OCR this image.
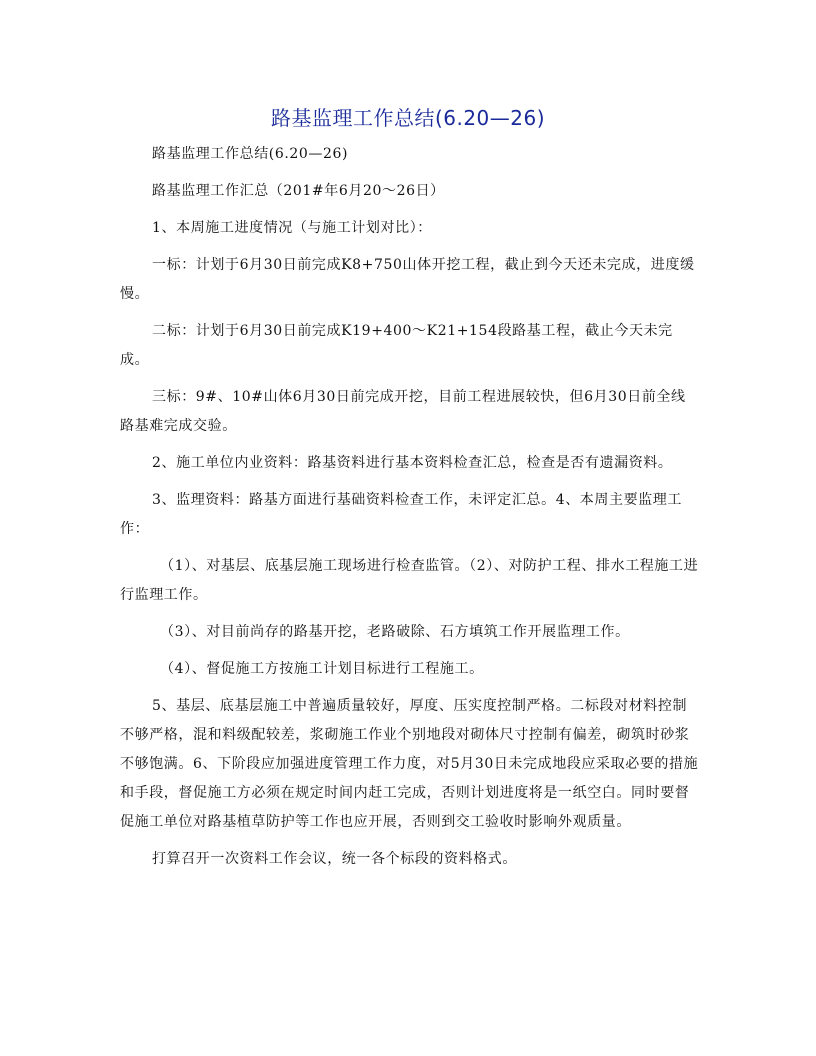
路基监理工作总结(6.20—26)

路基监理工作总结(6.20—26)

路基监理工作汇总（201#年6月20～26日）

1、本周施工进度情况（与施工计划对比）：

一标：计划于6月30日前完成K8+750山体开挖工程，截止到今天还未完成，进度缓慢。

二标：计划于6月30日前完成K19+400～K21+154段路基工程，截止今天未完成。

三标：9#、10#山体6月30日前完成开挖，目前工程进展较快，但6月30日前全线路基难完成交验。

2、施工单位内业资料：路基资料进行基本资料检查汇总，检查是否有遗漏资料。

3、监理资料：路基方面进行基础资料检查工作，未评定汇总。4、本周主要监理工作：

（1）、对基层、底基层施工现场进行检查监管。（2）、对防护工程、排水工程施工进行监理工作。

（3）、对目前尚存的路基开挖，老路破除、石方填筑工作开展监理工作。

（4）、督促施工方按施工计划目标进行工程施工。

5、基层、底基层施工中普遍质量较好，厚度、压实度控制严格。二标段对材料控制不够严格，混和料级配较差，浆砌施工作业个别地段对砌体尺寸控制有偏差，砌筑时砂浆不够饱满。6、下阶段应加强进度管理工作力度，对5月30日未完成地段应采取必要的措施和手段，督促施工方必须在规定时间内赶工完成，否则计划进度将是一纸空白。同时要督促施工单位对路基植草防护等工作也应开展，否则到交工验收时影响外观质量。

打算召开一次资料工作会议，统一各个标段的资料格式。
